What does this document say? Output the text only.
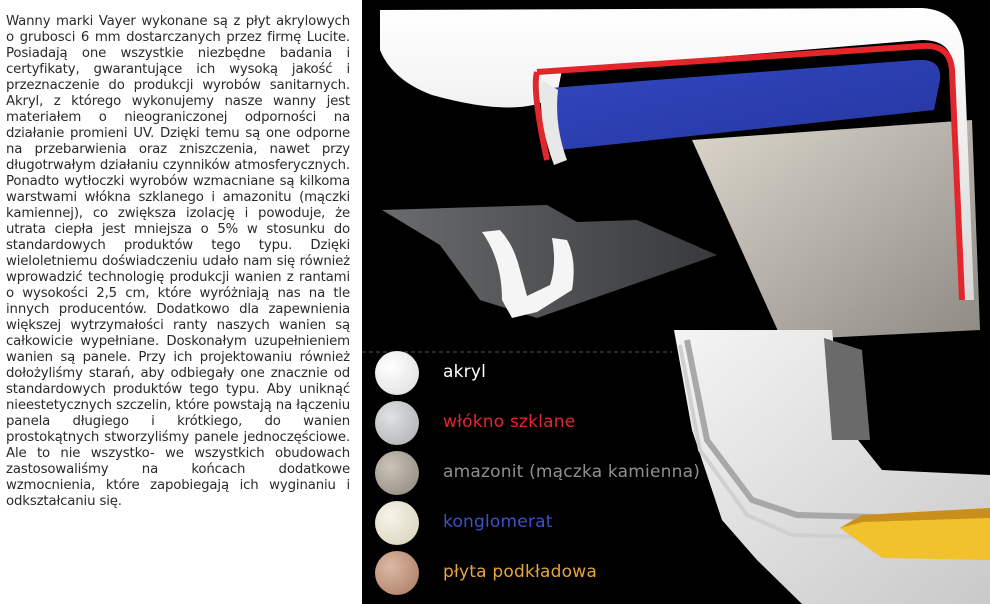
Wanny marki Vayer wykonane są z płyt akrylowych o grubosci 6 mm dostarczanych przez firmę Lucite. Posiadają one wszystkie niezbędne badania i certyfikaty, gwarantujące ich wysoką jakość i przeznaczenie do produkcji wyrobów sanitarnych. Akryl, z którego wykonujemy nasze wanny jest materiałem o nieograniczonej odporności na działanie promieni UV. Dzięki temu są one odporne na przebarwienia oraz zniszczenia, nawet przy długotrwałym działaniu czynników atmosferycznych. Ponadto wytłoczki wyrobów wzmacniane są kilkoma warstwami włókna szklanego i amazonitu (mączki kamiennej), co zwiększa izolację i powoduje, że utrata ciepła jest mniejsza o 5% w stosunku do standardowych produktów tego typu. Dzięki wieloletniemu doświadczeniu udało nam się również wprowadzić technologię produkcji wanien z rantami o wysokości 2,5 cm, które wyróżniają nas na tle innych producentów. Dodatkowo dla zapewnienia większej wytrzymałości ranty naszych wanien są całkowicie wypełniane. Doskonałym uzupełnieniem wanien są panele. Przy ich projektowaniu również dołożyliśmy starań, aby odbiegały one znacznie od standardowych produktów tego typu. Aby uniknąć nieestetycznych szczelin, które powstają na łączeniu panela długiego i krótkiego, do wanien prostokątnych stworzyliśmy panele jednoczęściowe. Ale to nie wszystko- we wszystkich obudowach zastosowaliśmy na końcach dodatkowe wzmocnienia, które zapobiegają ich wyginaniu i odkształcaniu się.

akryl
włókno szklane
amazonit (mączka kamienna)
konglomerat
płyta podkładowa
